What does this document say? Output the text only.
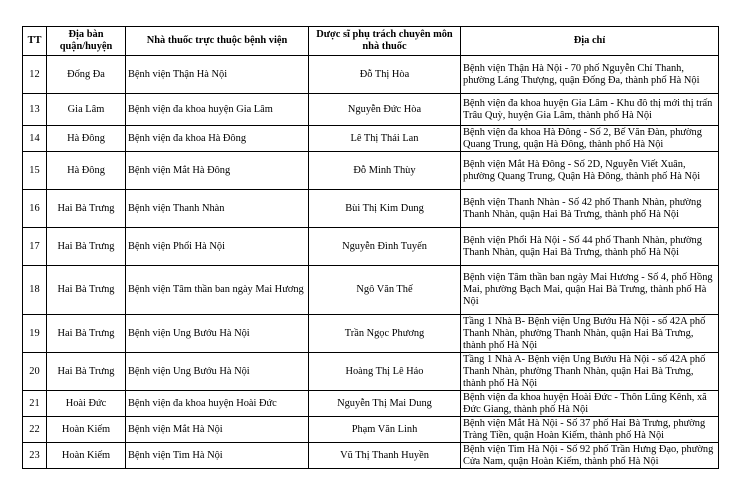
TT	Địa bàn
quận/huyện	Nhà thuốc trực thuộc bệnh viện	Dược sĩ phụ trách chuyên môn
nhà thuốc	Địa chỉ
12	Đống Đa	Bệnh viện Thận Hà Nội	Đỗ Thị Hòa	Bệnh viện Thận Hà Nội - 70 phố Nguyễn Chí Thanh, phường Láng Thượng, quận Đống Đa, thành phố Hà Nội
13	Gia Lâm	Bệnh viện đa khoa huyện Gia Lâm	Nguyễn Đức Hòa	Bệnh viện đa khoa huyện Gia Lâm - Khu đô thị mới thị trấn Trâu Quỳ, huyện Gia Lâm, thành phố Hà Nội
14	Hà Đông	Bệnh viện đa khoa Hà Đông	Lê Thị Thái Lan	Bệnh viện đa khoa Hà Đông - Số 2, Bế Văn Đàn, phường Quang Trung, quận Hà Đông, thành phố Hà Nội
15	Hà Đông	Bệnh viện Mắt Hà Đông	Đỗ Minh Thùy	Bệnh viện Mắt Hà Đông - Số 2D, Nguyễn Viết Xuân, phường Quang Trung, Quận Hà Đông, thành phố Hà Nội
16	Hai Bà Trưng	Bệnh viện Thanh Nhàn	Bùi Thị Kim Dung	Bệnh viện Thanh Nhàn - Số 42 phố Thanh Nhàn, phường Thanh Nhàn, quận Hai Bà Trưng, thành phố Hà Nội
17	Hai Bà Trưng	Bệnh viện Phổi Hà Nội	Nguyễn Đình Tuyến	Bệnh viện Phổi Hà Nội - Số 44 phố Thanh Nhàn, phường Thanh Nhàn, quận Hai Bà Trưng, thành phố Hà Nội
18	Hai Bà Trưng	Bệnh viện Tâm thần ban ngày Mai Hương	Ngô Văn Thế	Bệnh viện Tâm thần ban ngày Mai Hương - Số 4, phố Hồng Mai, phường Bạch Mai, quận Hai Bà Trưng, thành phố Hà Nội
19	Hai Bà Trưng	Bệnh viện Ung Bướu Hà Nội	Trần Ngọc Phương	Tầng 1 Nhà B- Bệnh viện Ung Bướu Hà Nội - số 42A phố Thanh Nhàn, phường Thanh Nhàn, quận Hai Bà Trưng, thành phố Hà Nội
20	Hai Bà Trưng	Bệnh viện Ung Bướu Hà Nội	Hoàng Thị Lê Hảo	Tầng 1 Nhà A- Bệnh viện Ung Bướu Hà Nội - số 42A phố Thanh Nhàn, phường Thanh Nhàn, quận Hai Bà Trưng, thành phố Hà Nội
21	Hoài Đức	Bệnh viện đa khoa huyện Hoài Đức	Nguyễn Thị Mai Dung	Bệnh viện đa khoa huyện Hoài Đức - Thôn Lũng Kênh, xã Đức Giang, thành phố Hà Nội
22	Hoàn Kiếm	Bệnh viện Mắt Hà Nội	Phạm Văn Linh	Bệnh viện Mắt Hà Nội - Số 37 phố Hai Bà Trưng, phường Tràng Tiền, quận Hoàn Kiếm, thành phố Hà Nội
23	Hoàn Kiếm	Bệnh viện Tim Hà Nội	Vũ Thị Thanh Huyền	Bệnh viện Tim Hà Nội - Số 92 phố Trần Hưng Đạo, phường Cửa Nam, quận Hoàn Kiếm, thành phố Hà Nội
